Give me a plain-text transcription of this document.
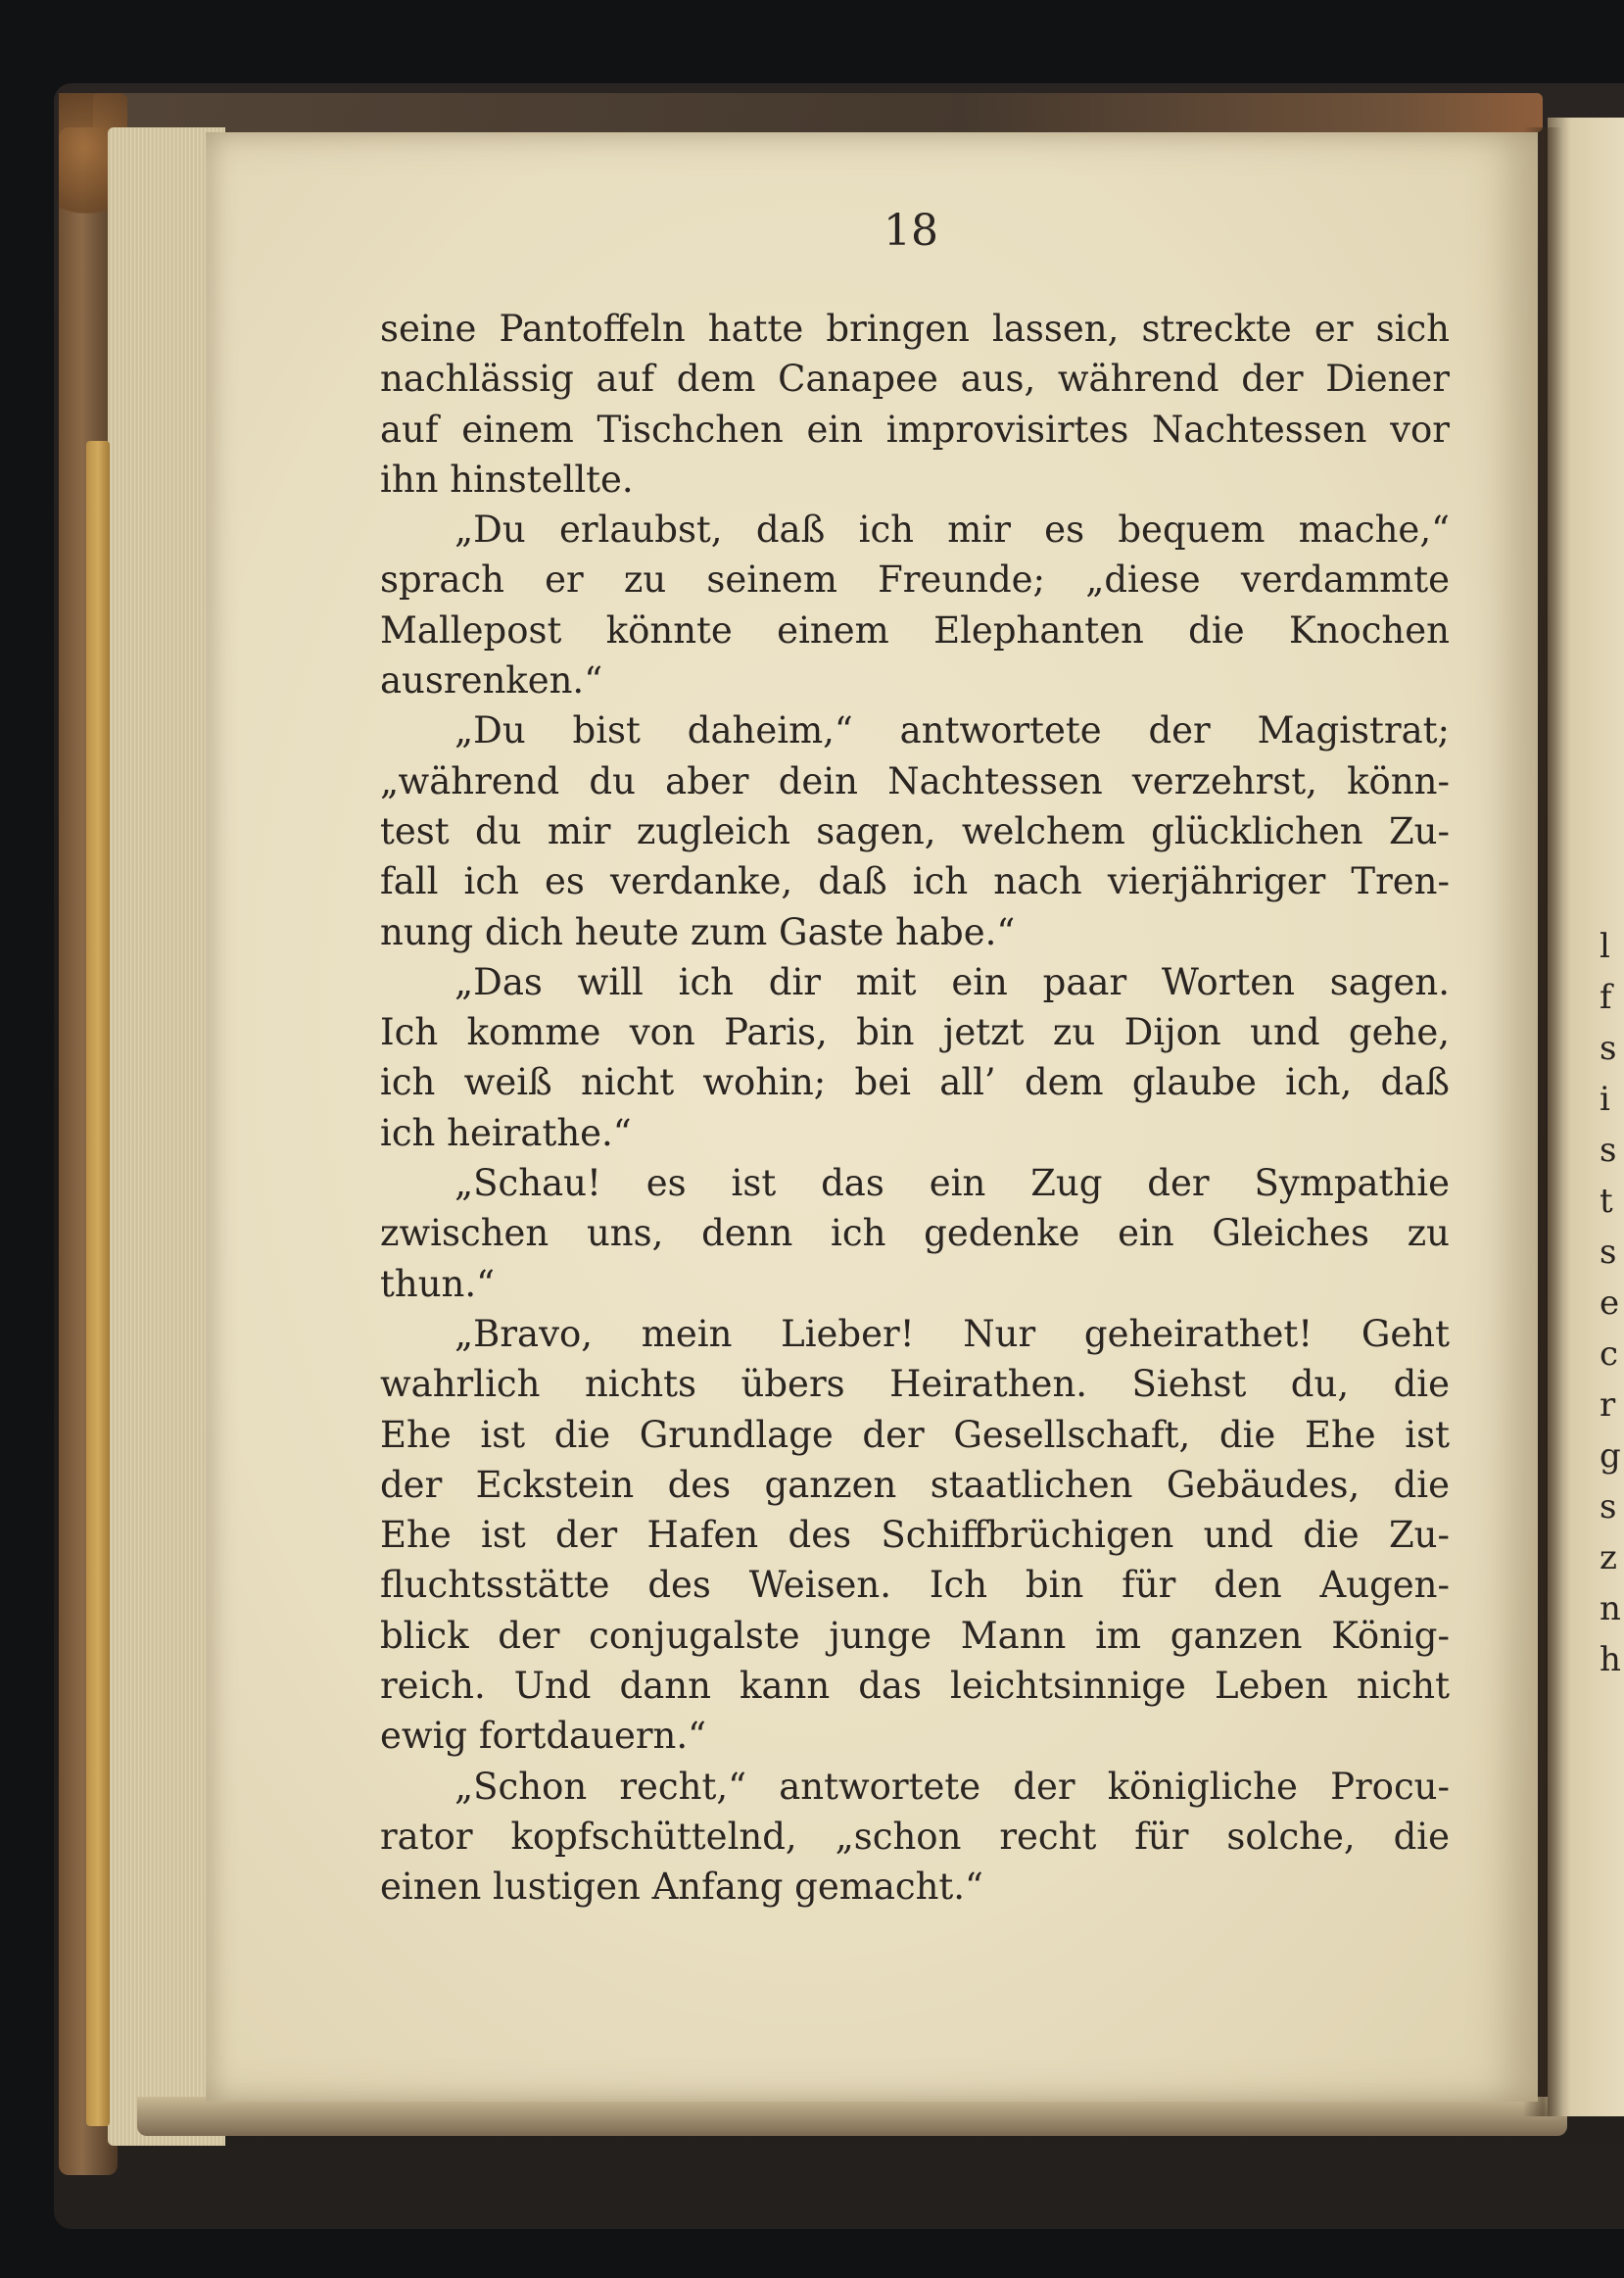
18
seine Pantoffeln hatte bringen lassen, streckte er sich
nachlässig auf dem Canapee aus, während der Diener
auf einem Tischchen ein improvisirtes Nachtessen vor
ihn hinstellte.
„Du erlaubst, daß ich mir es bequem mache,“
sprach er zu seinem Freunde; „diese verdammte
Mallepost könnte einem Elephanten die Knochen
ausrenken.“
„Du bist daheim,“ antwortete der Magistrat;
„während du aber dein Nachtessen verzehrst, könn-
test du mir zugleich sagen, welchem glücklichen Zu-
fall ich es verdanke, daß ich nach vierjähriger Tren-
nung dich heute zum Gaste habe.“
„Das will ich dir mit ein paar Worten sagen.
Ich komme von Paris, bin jetzt zu Dijon und gehe,
ich weiß nicht wohin; bei all’ dem glaube ich, daß
ich heirathe.“
„Schau! es ist das ein Zug der Sympathie
zwischen uns, denn ich gedenke ein Gleiches zu
thun.“
„Bravo, mein Lieber! Nur geheirathet! Geht
wahrlich nichts übers Heirathen. Siehst du, die
Ehe ist die Grundlage der Gesellschaft, die Ehe ist
der Eckstein des ganzen staatlichen Gebäudes, die
Ehe ist der Hafen des Schiffbrüchigen und die Zu-
fluchtsstätte des Weisen. Ich bin für den Augen-
blick der conjugalste junge Mann im ganzen König-
reich. Und dann kann das leichtsinnige Leben nicht
ewig fortdauern.“
„Schon recht,“ antwortete der königliche Procu-
rator kopfschüttelnd, „schon recht für solche, die
einen lustigen Anfang gemacht.“
l
f
s
i
s
t
s
e
c
r
g
s
z
n
h
